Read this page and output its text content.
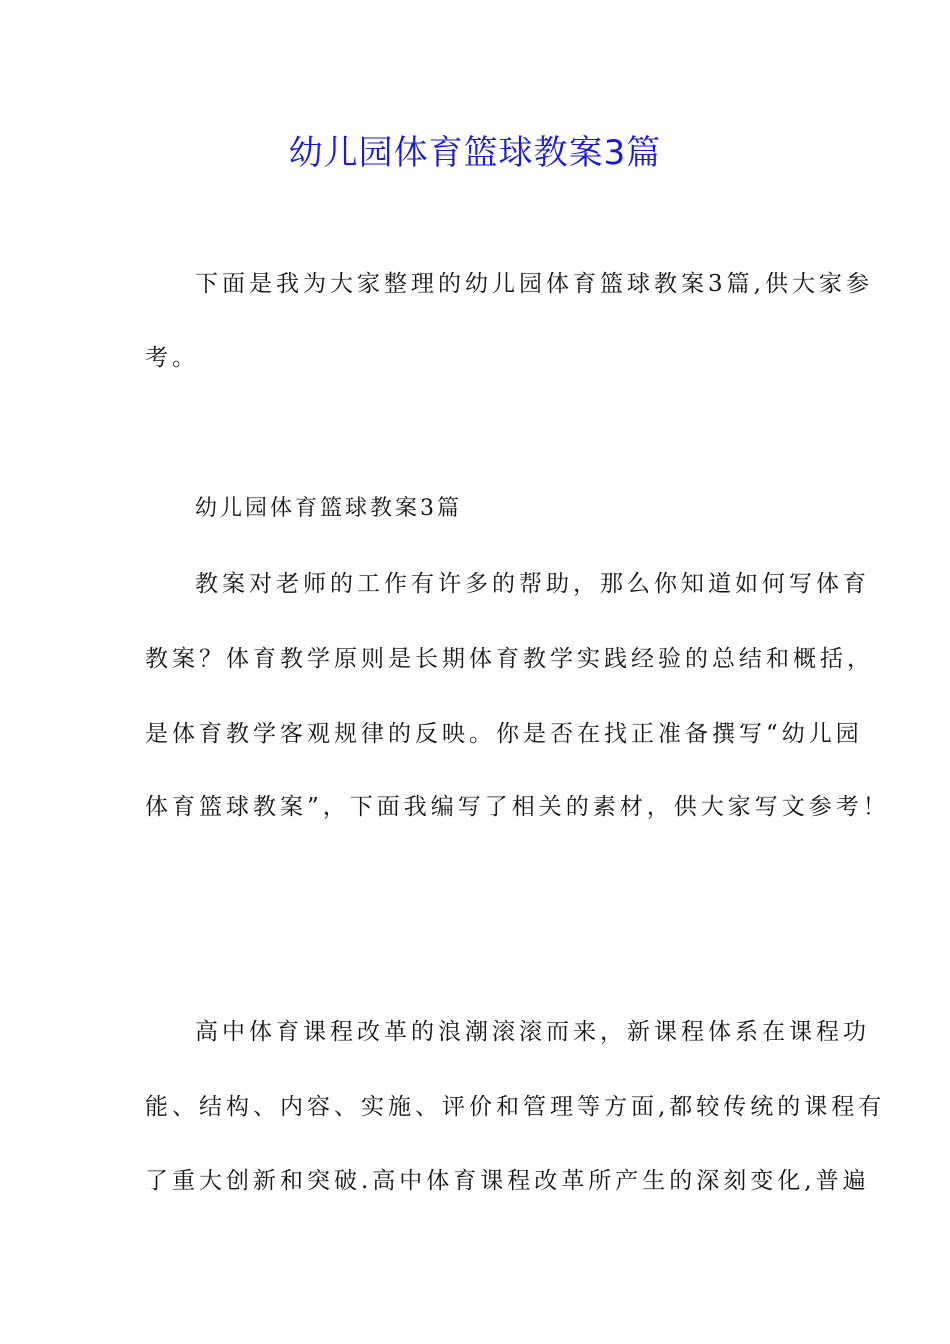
幼儿园体育篮球教案3篇
下面是我为大家整理的幼儿园体育篮球教案3篇,供大家参
考。
幼儿园体育篮球教案3篇
教案对老师的工作有许多的帮助，那么你知道如何写体育
教案？体育教学原则是长期体育教学实践经验的总结和概括，
是体育教学客观规律的反映。你是否在找正准备撰写“幼儿园
体育篮球教案”，下面我编写了相关的素材，供大家写文参考！
高中体育课程改革的浪潮滚滚而来，新课程体系在课程功
能、结构、内容、实施、评价和管理等方面,都较传统的课程有
了重大创新和突破.高中体育课程改革所产生的深刻变化,普遍
